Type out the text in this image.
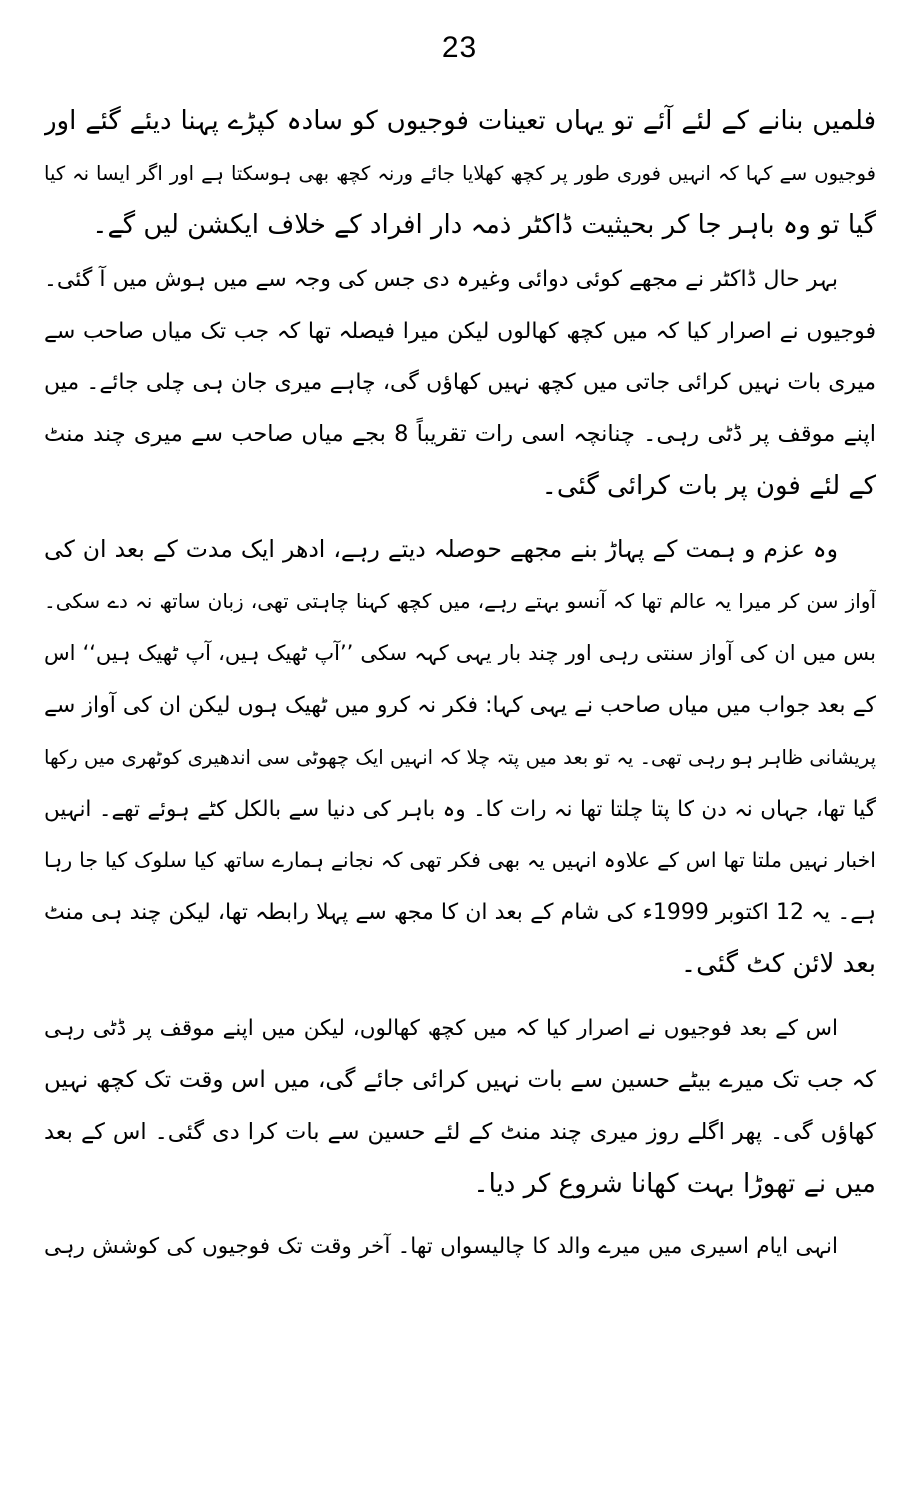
23
فلمیں بنانے کے لئے آئے تو یہاں تعینات فوجیوں کو سادہ کپڑے پہنا دیئے گئے اور
فوجیوں سے کہا کہ انہیں فوری طور پر کچھ کھلایا جائے ورنہ کچھ بھی ہوسکتا ہے اور اگر ایسا نہ کیا
گیا تو وہ باہر جا کر بحیثیت ڈاکٹر ذمہ دار افراد کے خلاف ایکشن لیں گے۔
بہر حال ڈاکٹر نے مجھے کوئی دوائی وغیرہ دی جس کی وجہ سے میں ہوش میں آ گئی۔
فوجیوں نے اصرار کیا کہ میں کچھ کھالوں لیکن میرا فیصلہ تھا کہ جب تک میاں صاحب سے
میری بات نہیں کرائی جاتی میں کچھ نہیں کھاؤں گی، چاہے میری جان ہی چلی جائے۔ میں
اپنے موقف پر ڈٹی رہی۔ چنانچہ اسی رات تقریباً 8 بجے میاں صاحب سے میری چند منٹ
کے لئے فون پر بات کرائی گئی۔
وہ عزم و ہمت کے پہاڑ بنے مجھے حوصلہ دیتے رہے، ادھر ایک مدت کے بعد ان کی
آواز سن کر میرا یہ عالم تھا کہ آنسو بہتے رہے، میں کچھ کہنا چاہتی تھی، زبان ساتھ نہ دے سکی۔
بس میں ان کی آواز سنتی رہی اور چند بار یہی کہہ سکی ’’آپ ٹھیک ہیں، آپ ٹھیک ہیں‘‘ اس
کے بعد جواب میں میاں صاحب نے یہی کہا: فکر نہ کرو میں ٹھیک ہوں لیکن ان کی آواز سے
پریشانی ظاہر ہو رہی تھی۔ یہ تو بعد میں پتہ چلا کہ انہیں ایک چھوٹی سی اندھیری کوٹھری میں رکھا
گیا تھا، جہاں نہ دن کا پتا چلتا تھا نہ رات کا۔ وہ باہر کی دنیا سے بالکل کٹے ہوئے تھے۔ انہیں
اخبار نہیں ملتا تھا اس کے علاوہ انہیں یہ بھی فکر تھی کہ نجانے ہمارے ساتھ کیا سلوک کیا جا رہا
ہے۔ یہ 12 اکتوبر 1999ء کی شام کے بعد ان کا مجھ سے پہلا رابطہ تھا، لیکن چند ہی منٹ
بعد لائن کٹ گئی۔
اس کے بعد فوجیوں نے اصرار کیا کہ میں کچھ کھالوں، لیکن میں اپنے موقف پر ڈٹی رہی
کہ جب تک میرے بیٹے حسین سے بات نہیں کرائی جائے گی، میں اس وقت تک کچھ نہیں
کھاؤں گی۔ پھر اگلے روز میری چند منٹ کے لئے حسین سے بات کرا دی گئی۔ اس کے بعد
میں نے تھوڑا بہت کھانا شروع کر دیا۔
انہی ایام اسیری میں میرے والد کا چالیسواں تھا۔ آخر وقت تک فوجیوں کی کوشش رہی
